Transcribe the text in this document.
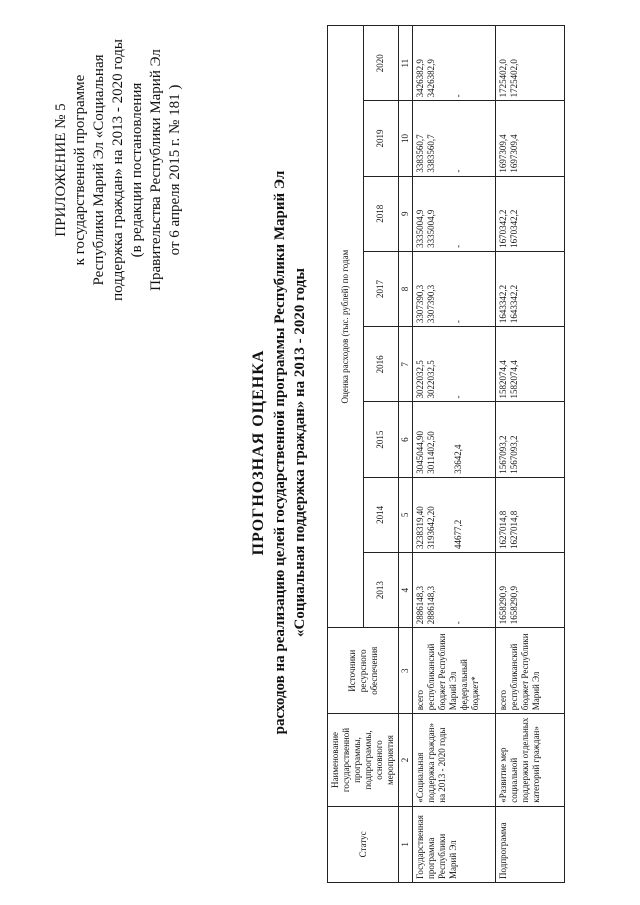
ПРИЛОЖЕНИЕ № 5 к государственной программе Республики Марий Эл «Социальная поддержка граждан» на 2013 - 2020 годы (в редакции постановления Правительства Республики Марий Эл от 6 апреля 2015 г. № 181 )
ПРОГНОЗНАЯ ОЦЕНКА расходов на реализацию целей государственной программы Республики Марий Эл «Социальная поддержка граждан» на 2013 - 2020 годы
Статус	Наименование государственной программы, подпрограммы, основного мероприятия	Источники ресурсного обеспечения	Оценка расходов (тыс. рублей) по годам							
			2013	2014	2015	2016	2017	2018	2019	2020
1	2	3	4	5	6	7	8	9	10	11
Государственная программа Республики Марий Эл	«Социальная поддержка граждан» на 2013 - 2020 годы	всего республиканский бюджет Республики Марий Эл федеральный бюджет*	2886148,3 2886148,3 -	3238319,40 3193642,20 44677,2	3045044,90 3011402,50 33642,4	3022032,5 3022032,5 -	3307390,3 3307390,3 -	3335004,9 3335004,9 -	3383560,7 3383560,7 -	3426382,9 3426382,9 -

Подпрограмма	«Развитие мер социальной поддержки отдельных категорий граждан»	всего республиканский бюджет Республики Марий Эл	1658290,9 1658290,9	1627014,8 1627014,8	1567093,2 1567093,2	1582074,4 1582074,4	1643342,2 1643342,2	1670342,2 1670342,2	1697309,4 1697309,4	1725402,0 1725402,0
